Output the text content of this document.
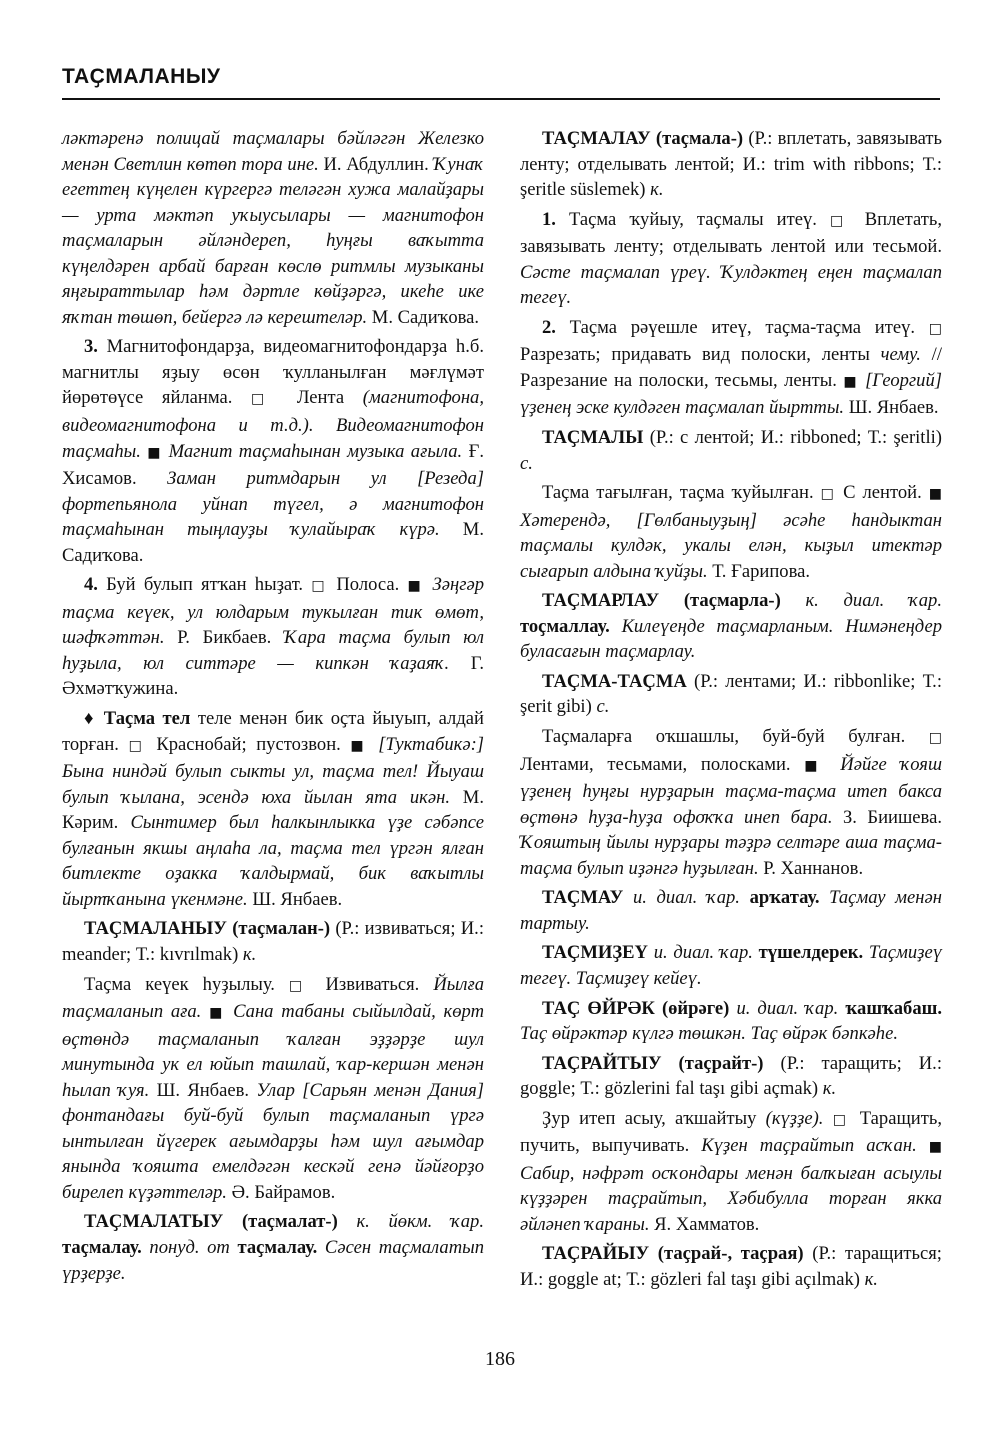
ТАҪМАЛАНЫУ

лəктəренə полицай таҫмалары бəйлəгəн Железко менəн Светлин көтөп тора ине. И. Абдуллин. Ҡунаҡ егеттең күңелен күргергə телəгəн хужа малайҙары — урта мəктəп уҡыусылары — магнитофон таҫмаларын əйлəндереп, һуңғы ваҡытта күңелдəрен арбай барған көслө ритмлы музыканы яңғыраттылар һəм дəртле көйҙəргə, икеһе ике яҡтан төшөп, бейергə лə керештелəр. М. Садиҡова.

3. Магнитофондарҙа, видеомагнитофондарҙа һ.б. магнитлы яҙыу өсөн ҡулланылған мəғлүмəт йөрөтөүсе яйланма. □ Лента (магнитофона, видеомагнитофона и т.д.). Видеомагнитофон таҫмаһы. ■ Магнит таҫмаһынан музыка ағыла. Ғ. Хисамов. Заман ритмдарын ул [Резеда] фортепьянола уйнап түгел, ə магнитофон таҫмаһынан тыңлауҙы ҡулайыраҡ күрə. М. Садиҡова.

4. Буй булып ятҡан һыҙат. □ Полоса. ■ Зəңгəр таҫма кеүек, ул юлдарым тукылған тик өмөт, шəфҡəттəн. Р. Бикбаев. Ҡара таҫма булып юл һуҙыла, юл ситтəре — кипкəн ҡаҙаяҡ. Г. Əхмəтҡужина.

♦ Таҫма тел теле менəн бик оҫта йыуып, алдай торған. □ Краснобай; пустозвон. ■ [Туктабикə:] Бына ниндəй булып сыкты ул, таҫма тел! Йыуаш булып ҡылана, эсендə юха йылан ята икəн. М. Кəрим. Сынтимер был һалкынлыкка үҙе сəбəпсе булғанын якшы аңлаһа ла, таҫма тел үргəн ялған битлекте оҙакка ҡалдырмай, бик ваҡытлы йыртҡанына үкенмəне. Ш. Янбаев.

ТАҪМАЛАНЫУ (таҫмалан-) (Р.: извиваться; И.: meander; Т.: kıvrılmak) к.

Таҫма кеүек һуҙылыу. □ Извиваться. Йылға таҫмаланып аға. ■ Сана табаны сыйылдай, көрт өҫтөндə таҫмаланып ҡалған эҙҙəрҙе шул минутында ук ел юйып ташлай, ҡар-кершəн менəн һылап ҡуя. Ш. Янбаев. Улар [Сарьян менəн Дания] фонтандағы буй-буй булып таҫмаланып үргə ынтылған йүгерек ағымдарҙы һəм шул ағымдар янында ҡояшта емелдəгəн кескəй генə йəйғорҙо бирелеп күҙəттелəр. Ə. Байрамов.

ТАҪМАЛАТЫУ (таҫмалат-) к. йөкм. ҡар. таҫмалау. понуд. от таҫмалау. Сəсен таҫмалатып үрҙерҙе.

ТАҪМАЛАУ (таҫмала-) (Р.: вплетать, завязывать ленту; отделывать лентой; И.: trim with ribbons; Т.: şeritle süslemek) к.

1. Таҫма ҡуйыу, таҫмалы итеү. □ Вплетать, завязывать ленту; отделывать лентой или тесьмой. Сəсте таҫмалап үреү. Ҡулдəктең еңен таҫмалап тегеү.

2. Таҫма рəүешле итеү, таҫма-таҫма итеү. □ Разрезать; придавать вид полоски, ленты чему. // Разрезание на полоски, тесьмы, ленты. ■ [Георгий] үҙенең эске кулдəген таҫмалап йыртты. Ш. Янбаев.

ТАҪМАЛЫ (Р.: с лентой; И.: ribboned; Т.: şeritli) с.

Таҫма тағылған, таҫма ҡуйылған. □ С лентой. ■ Хəтерендə, [Гөлбаныуҙың] əсəһе һандыктан таҫмалы кулдəк, укалы елəн, кыҙыл итектəр сығарып алдына ҡуйҙы. Т. Ғарипова.

ТАҪМАРЛАУ (таҫмарла-) к. диал. ҡар. тоҫмаллау. Килеүеңде таҫмарланым. Нимəнеңдер буласағын таҫмарлау.

ТАҪМА-ТАҪМА (Р.: лентами; И.: ribbonlike; Т.: şerit gibi) с.

Таҫмаларға оҡшашлы, буй-буй булған. □ Лентами, тесьмами, полосками. ■ Йəйге ҡояш үҙенең һуңғы нурҙарын таҫма-таҫма итеп бакса өҫтөнə һуҙа-һуҙа офоҡҡа инеп бара. З. Биишева. Ҡояштың йылы нурҙары тəҙрə селтəре аша таҫма-таҫма булып иҙəнгə һуҙылған. Р. Ханнанов.

ТАҪМАУ и. диал. ҡар. арҡатау. Таҫмау менəн тартыу.

ТАҪМИҘЕҮ и. диал. ҡар. түшелдерек. Таҫмиҙеү тегеү. Таҫмиҙеү кейеү.

ТАҪ ӨЙРƏК (өйрəге) и. диал. ҡар. ҡашҡабаш. Таҫ өйрəктəр күлгə төшкəн. Таҫ өйрəк бəпкəһе.

ТАҪРАЙТЫУ (таҫрайт-) (Р.: таращить; И.: goggle; Т.: gözlerini fal taşı gibi açmak) к.

Ҙур итеп асыу, аҡшайтыу (күҙҙе). □ Таращить, пучить, выпучивать. Күҙен таҫрайтып асҡан. ■ Сабир, нəфрəт осҡондары менəн балҡыған асыулы күҙҙəрен таҫрайтып, Хəбибулла торған якка əйлəнеп ҡараны. Я. Хамматов.

ТАҪРАЙЫУ (таҫрай-, таҫрая) (Р.: таращиться; И.: goggle at; Т.: gözleri fal taşı gibi açılmak) к.

186
